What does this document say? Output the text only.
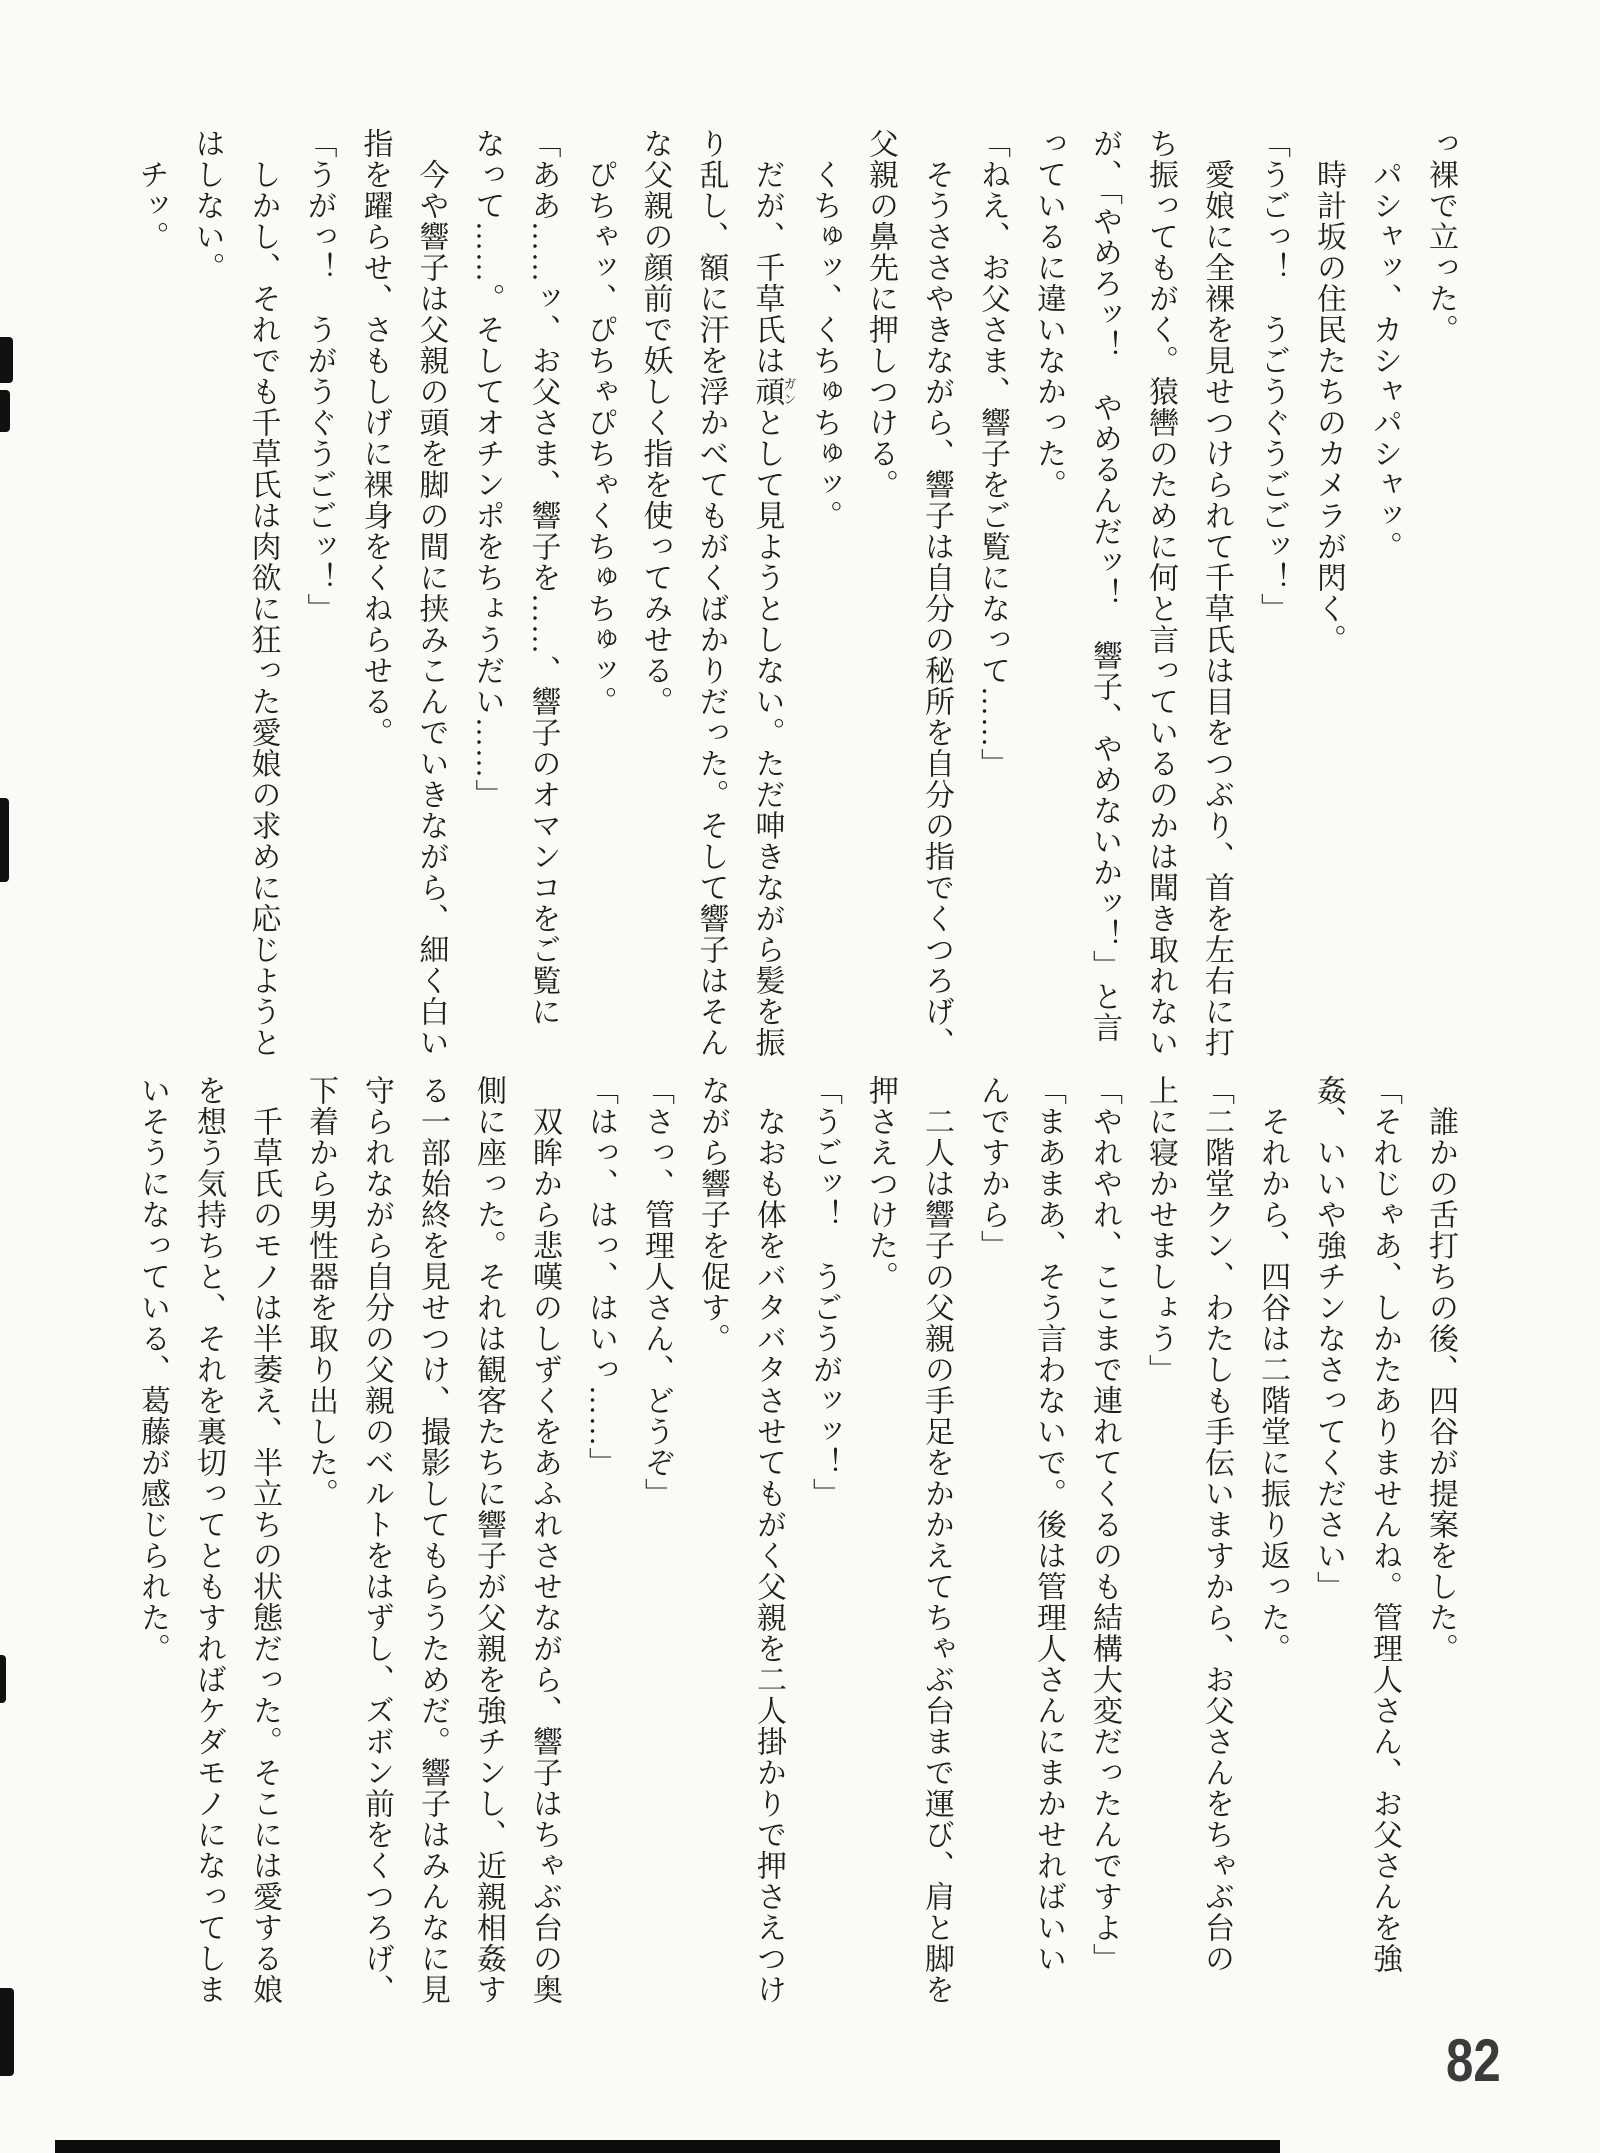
っ裸で立った。
　パシャッ、カシャパシャッ。
　時計坂の住民たちのカメラが閃く。
「うごっ！　うごうぐうごごッ！」
　愛娘に全裸を見せつけられて千草氏は目をつぶり、首を左右に打
ち振ってもがく。猿轡のために何と言っているのかは聞き取れない
が、「やめろッ！　やめるんだッ！　響子、やめないかッ！」と言
っているに違いなかった。
「ねえ、お父さま、響子をご覧になって……」
　そうささやきながら、響子は自分の秘所を自分の指でくつろげ、
父親の鼻先に押しつける。
　くちゅッ、くちゅちゅッ。
　だが、千草氏は頑ガンとして見ようとしない。ただ呻きながら髪を振
り乱し、額に汗を浮かべてもがくばかりだった。そして響子はそん
な父親の顔前で妖しく指を使ってみせる。
　ぴちゃッ、ぴちゃぴちゃくちゅちゅッ。
「ああ……ッ、お父さま、響子を……、響子のオマンコをご覧に
なって……。そしてオチンポをちょうだい……」
　今や響子は父親の頭を脚の間に挟みこんでいきながら、細く白い
指を躍らせ、さもしげに裸身をくねらせる。
「うがっ！　うがうぐうごごッ！」
　しかし、それでも千草氏は肉欲に狂った愛娘の求めに応じようと
はしない。
　チッ。
　誰かの舌打ちの後、四谷が提案をした。
「それじゃあ、しかたありませんね。管理人さん、お父さんを強
姦、いいや強チンなさってください」
　それから、四谷は二階堂に振り返った。
「二階堂クン、わたしも手伝いますから、お父さんをちゃぶ台の
上に寝かせましょう」
「やれやれ、ここまで連れてくるのも結構大変だったんですよ」
「まあまあ、そう言わないで。後は管理人さんにまかせればいい
んですから」
　二人は響子の父親の手足をかかえてちゃぶ台まで運び、肩と脚を
押さえつけた。
「うごッ！　うごうがッッ！」
　なおも体をバタバタさせてもがく父親を二人掛かりで押さえつけ
ながら響子を促す。
「さっ、管理人さん、どうぞ」
「はっ、はっ、はいっ……」
　双眸から悲嘆のしずくをあふれさせながら、響子はちゃぶ台の奥
側に座った。それは観客たちに響子が父親を強チンし、近親相姦す
る一部始終を見せつけ、撮影してもらうためだ。響子はみんなに見
守られながら自分の父親のベルトをはずし、ズボン前をくつろげ、
下着から男性器を取り出した。
　千草氏のモノは半萎え、半立ちの状態だった。そこには愛する娘
を想う気持ちと、それを裏切ってともすればケダモノになってしま
いそうになっている、葛藤が感じられた。
82
